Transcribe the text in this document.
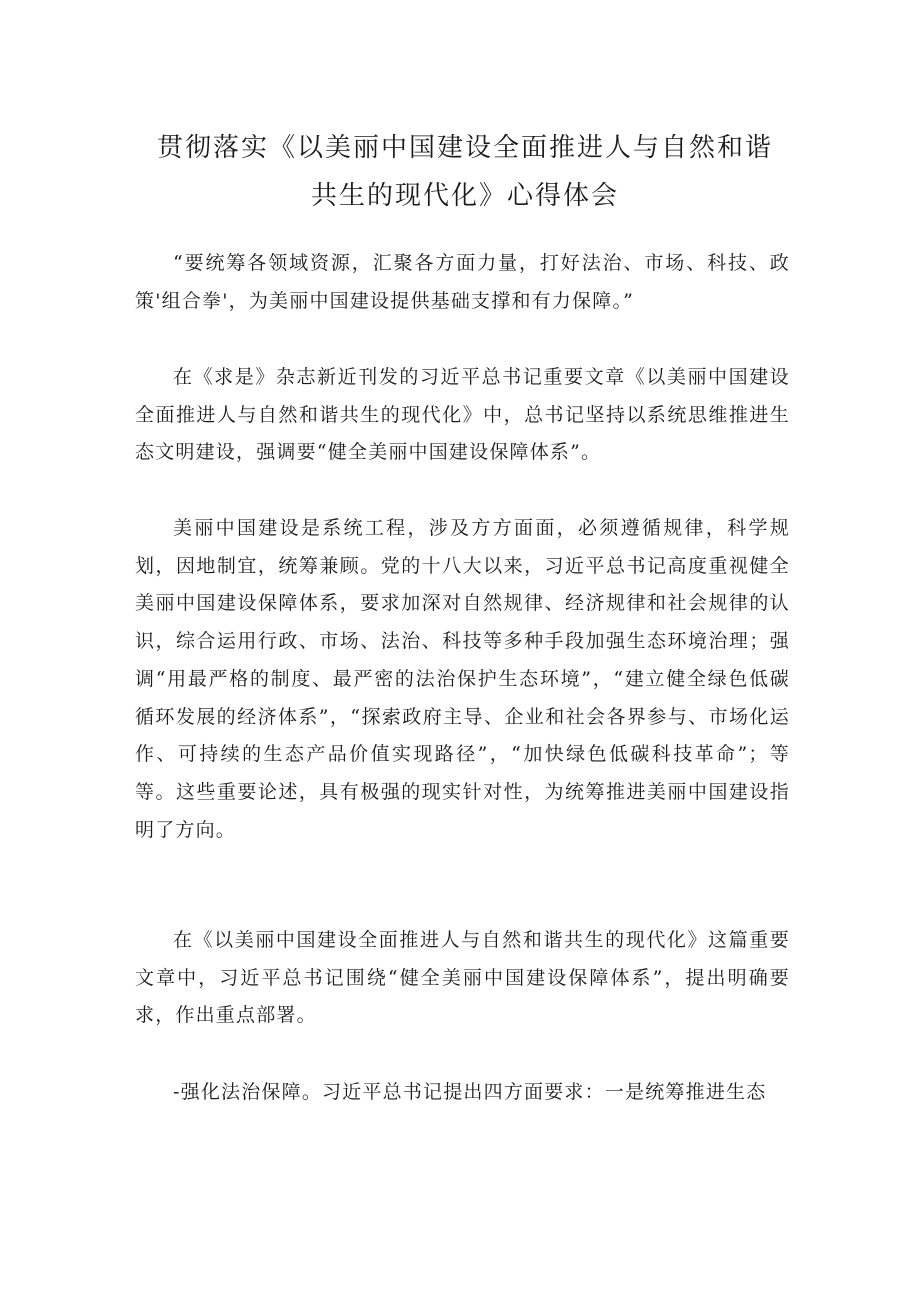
贯彻落实《以美丽中国建设全面推进人与自然和谐
共生的现代化》心得体会

“要统筹各领域资源，汇聚各方面力量，打好法治、市场、科技、政策'组合拳'，为美丽中国建设提供基础支撑和有力保障。”

在《求是》杂志新近刊发的习近平总书记重要文章《以美丽中国建设全面推进人与自然和谐共生的现代化》中，总书记坚持以系统思维推进生态文明建设，强调要“健全美丽中国建设保障体系”。

美丽中国建设是系统工程，涉及方方面面，必须遵循规律，科学规划，因地制宜，统筹兼顾。党的十八大以来，习近平总书记高度重视健全美丽中国建设保障体系，要求加深对自然规律、经济规律和社会规律的认识，综合运用行政、市场、法治、科技等多种手段加强生态环境治理；强调“用最严格的制度、最严密的法治保护生态环境”，“建立健全绿色低碳循环发展的经济体系”，“探索政府主导、企业和社会各界参与、市场化运作、可持续的生态产品价值实现路径”，“加快绿色低碳科技革命”；等等。这些重要论述，具有极强的现实针对性，为统筹推进美丽中国建设指明了方向。

在《以美丽中国建设全面推进人与自然和谐共生的现代化》这篇重要文章中，习近平总书记围绕“健全美丽中国建设保障体系”，提出明确要求，作出重点部署。

-强化法治保障。习近平总书记提出四方面要求：一是统筹推进生态
